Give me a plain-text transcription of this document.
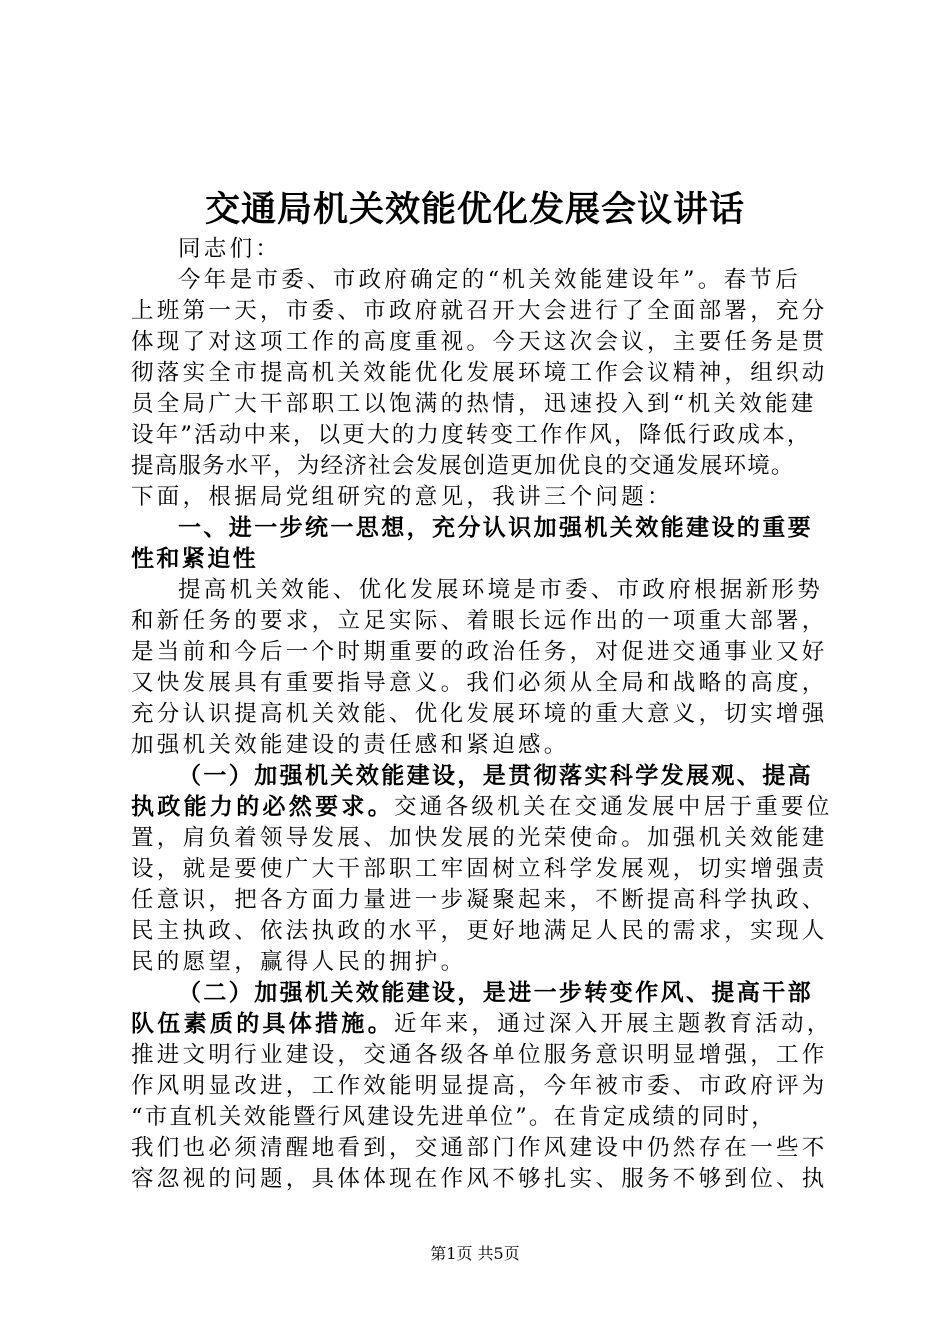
交通局机关效能优化发展会议讲话
同志们：
今年是市委、市政府确定的“机关效能建设年”。春节后
上班第一天，市委、市政府就召开大会进行了全面部署，充分
体现了对这项工作的高度重视。今天这次会议，主要任务是贯
彻落实全市提高机关效能优化发展环境工作会议精神，组织动
员全局广大干部职工以饱满的热情，迅速投入到“机关效能建
设年”活动中来，以更大的力度转变工作作风，降低行政成本，
提高服务水平，为经济社会发展创造更加优良的交通发展环境。
下面，根据局党组研究的意见，我讲三个问题：
一、进一步统一思想，充分认识加强机关效能建设的重要
性和紧迫性
提高机关效能、优化发展环境是市委、市政府根据新形势
和新任务的要求，立足实际、着眼长远作出的一项重大部署，
是当前和今后一个时期重要的政治任务，对促进交通事业又好
又快发展具有重要指导意义。我们必须从全局和战略的高度，
充分认识提高机关效能、优化发展环境的重大意义，切实增强
加强机关效能建设的责任感和紧迫感。
（一）加强机关效能建设，是贯彻落实科学发展观、提高
执政能力的必然要求。交通各级机关在交通发展中居于重要位
置，肩负着领导发展、加快发展的光荣使命。加强机关效能建
设，就是要使广大干部职工牢固树立科学发展观，切实增强责
任意识，把各方面力量进一步凝聚起来，不断提高科学执政、
民主执政、依法执政的水平，更好地满足人民的需求，实现人
民的愿望，赢得人民的拥护。
（二）加强机关效能建设，是进一步转变作风、提高干部
队伍素质的具体措施。近年来，通过深入开展主题教育活动，
推进文明行业建设，交通各级各单位服务意识明显增强，工作
作风明显改进，工作效能明显提高，今年被市委、市政府评为
“市直机关效能暨行风建设先进单位”。在肯定成绩的同时，
我们也必须清醒地看到，交通部门作风建设中仍然存在一些不
容忽视的问题，具体体现在作风不够扎实、服务不够到位、执
第1页 共5页
